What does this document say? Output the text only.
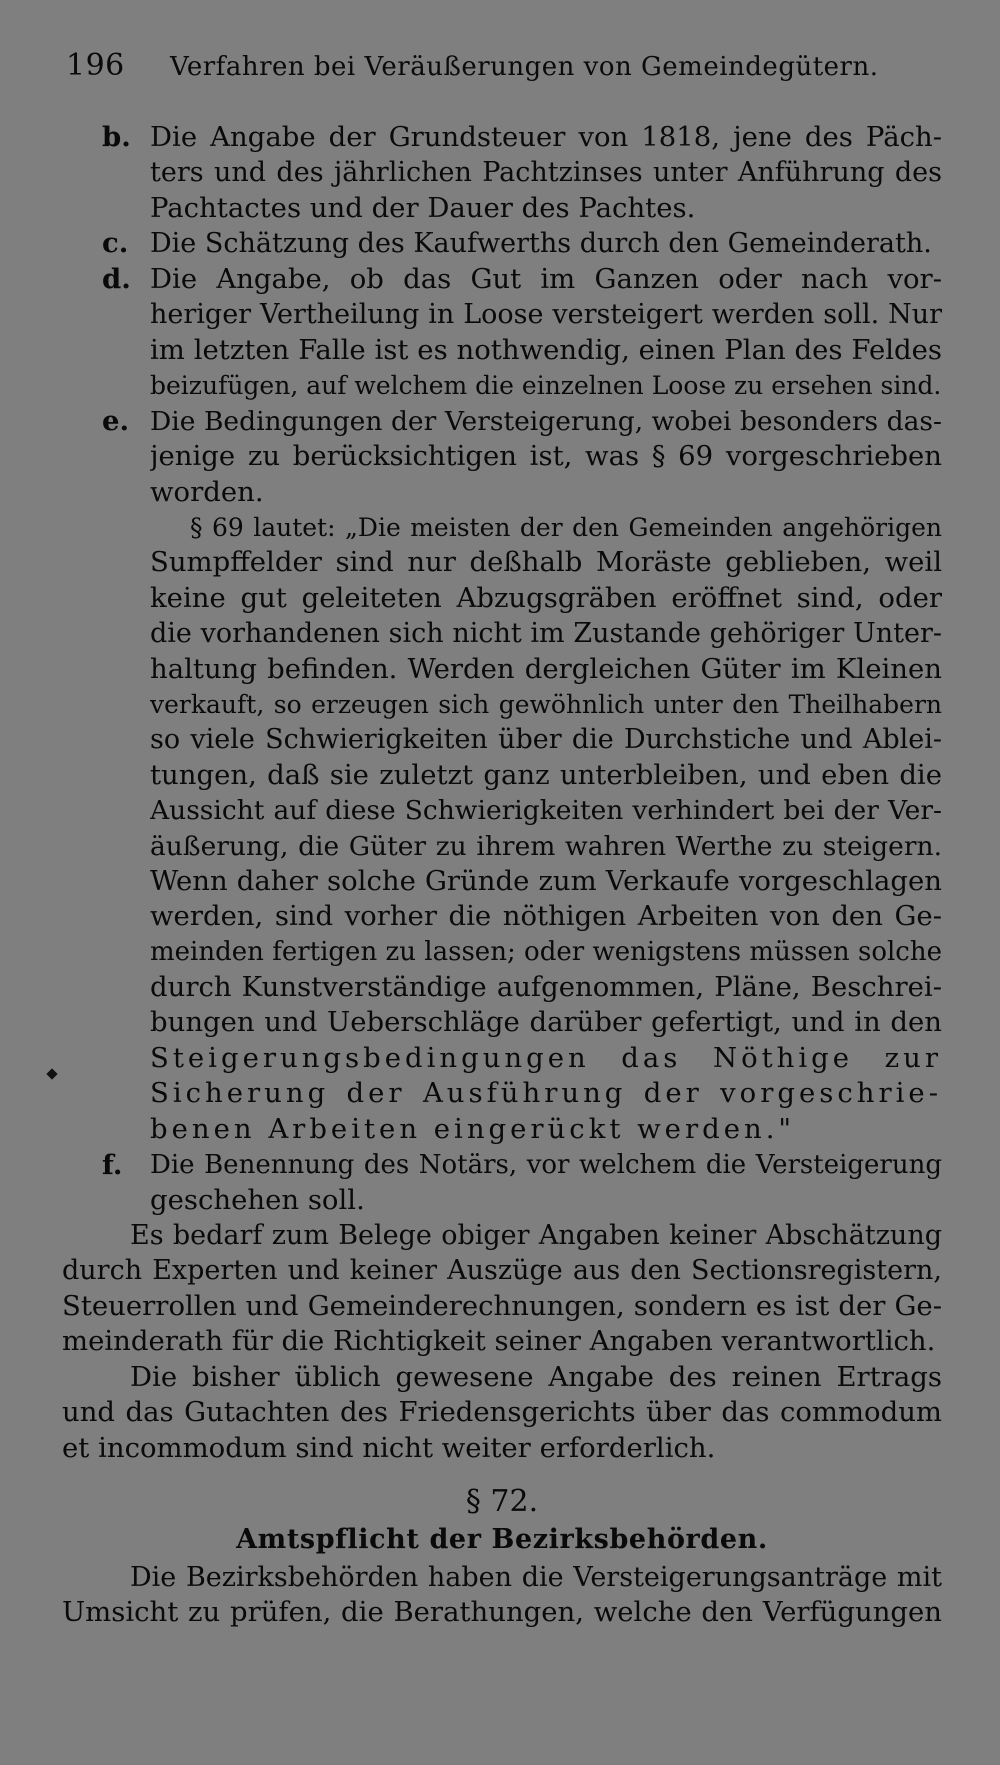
196 Verfahren bei Veräußerungen von Gemeindegütern.
b. Die Angabe der Grundsteuer von 1818, jene des Päch-
ters und des jährlichen Pachtzinses unter Anführung des
Pachtactes und der Dauer des Pachtes.
c. Die Schätzung des Kaufwerths durch den Gemeinderath.
d. Die Angabe, ob das Gut im Ganzen oder nach vor-
heriger Vertheilung in Loose versteigert werden soll. Nur
im letzten Falle ist es nothwendig, einen Plan des Feldes
beizufügen, auf welchem die einzelnen Loose zu ersehen sind.
e. Die Bedingungen der Versteigerung, wobei besonders das-
jenige zu berücksichtigen ist, was § 69 vorgeschrieben
worden.
§ 69 lautet: „Die meisten der den Gemeinden angehörigen
Sumpffelder sind nur deßhalb Moräste geblieben, weil
keine gut geleiteten Abzugsgräben eröffnet sind, oder
die vorhandenen sich nicht im Zustande gehöriger Unter-
haltung befinden. Werden dergleichen Güter im Kleinen
verkauft, so erzeugen sich gewöhnlich unter den Theilhabern
so viele Schwierigkeiten über die Durchstiche und Ablei-
tungen, daß sie zuletzt ganz unterbleiben, und eben die
Aussicht auf diese Schwierigkeiten verhindert bei der Ver-
äußerung, die Güter zu ihrem wahren Werthe zu steigern.
Wenn daher solche Gründe zum Verkaufe vorgeschlagen
werden, sind vorher die nöthigen Arbeiten von den Ge-
meinden fertigen zu lassen; oder wenigstens müssen solche
durch Kunstverständige aufgenommen, Pläne, Beschrei-
bungen und Ueberschläge darüber gefertigt, und in den
Steigerungsbedingungen das Nöthige zur
Sicherung der Ausführung der vorgeschrie-
benen Arbeiten eingerückt werden."
f. Die Benennung des Notärs, vor welchem die Versteigerung
geschehen soll.
Es bedarf zum Belege obiger Angaben keiner Abschätzung
durch Experten und keiner Auszüge aus den Sectionsregistern,
Steuerrollen und Gemeinderechnungen, sondern es ist der Ge-
meinderath für die Richtigkeit seiner Angaben verantwortlich.
Die bisher üblich gewesene Angabe des reinen Ertrags
und das Gutachten des Friedensgerichts über das commodum
et incommodum sind nicht weiter erforderlich.
§ 72.
Amtspflicht der Bezirksbehörden.
Die Bezirksbehörden haben die Versteigerungsanträge mit
Umsicht zu prüfen, die Berathungen, welche den Verfügungen
